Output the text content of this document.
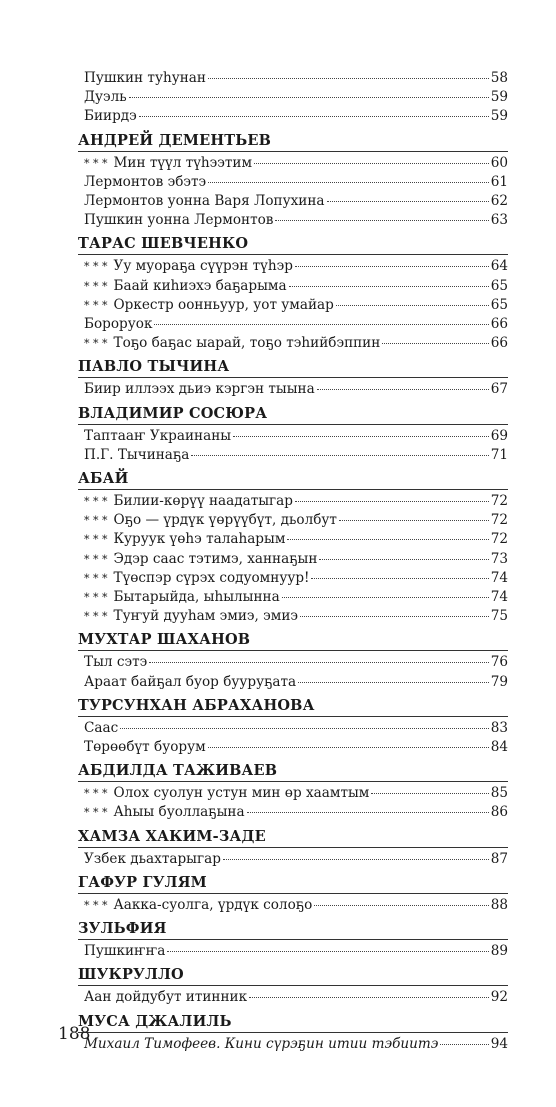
Пушкин туһунан	58
Дуэль	59
Биирдэ	59
АНДРЕЙ ДЕМЕНТЬЕВ
* * * Мин түүл түһээтим	60
Лермонтов эбэтэ	61
Лермонтов уонна Варя Лопухина	62
Пушкин уонна Лермонтов	63
ТАРАС ШЕВЧЕНКО
* * * Уу муораҕа сүүрэн түһэр	64
* * * Баай киһиэхэ баҕарыма	65
* * * Оркестр оонньуур, уот умайар	65
Бороруок	66
* * * Тоҕо баҕас ыарай, тоҕо тэһийбэппин	66
ПАВЛО ТЫЧИНА
Биир иллээх дьиэ кэргэн тыына	67
ВЛАДИМИР СОСЮРА
Таптааҥ Украинаны	69
П.Г. Тычинаҕа	71
АБАЙ
* * * Билии-көрүү наадатыгар	72
* * * Оҕо — үрдүк үөрүүбүт, дьолбут	72
* * * Куруук үөһэ талаһарым	72
* * * Эдэр саас тэтимэ, ханнаҕын	73
* * * Түөспэр сүрэх содуомнуур!	74
* * * Бытарыйда, ыһылынна	74
* * * Туҥуй дууһам эмиэ, эмиэ	75
МУХТАР ШАХАНОВ
Тыл сэтэ	76
Араат байҕал буор бууруҕата	79
ТУРСУНХАН АБРАХАНОВА
Саас	83
Төрөөбүт буорум	84
АБДИЛДА ТАЖИВАЕВ
* * * Олох суолун устун мин өр хаамтым	85
* * * Аһыы буоллаҕына	86
ХАМЗА ХАКИМ-ЗАДЕ
Узбек дьахтарыгар	87
ГАФУР ГУЛЯМ
* * * Аакка-суолга, үрдүк солоҕо	88
ЗУЛЬФИЯ
Пушкиҥҥа	89
ШУКРУЛЛО
Аан дойдубут итинник	92
МУСА ДЖАЛИЛЬ
Михаил Тимофеев. Кини сүрэҕин итии тэбиитэ	94
188
